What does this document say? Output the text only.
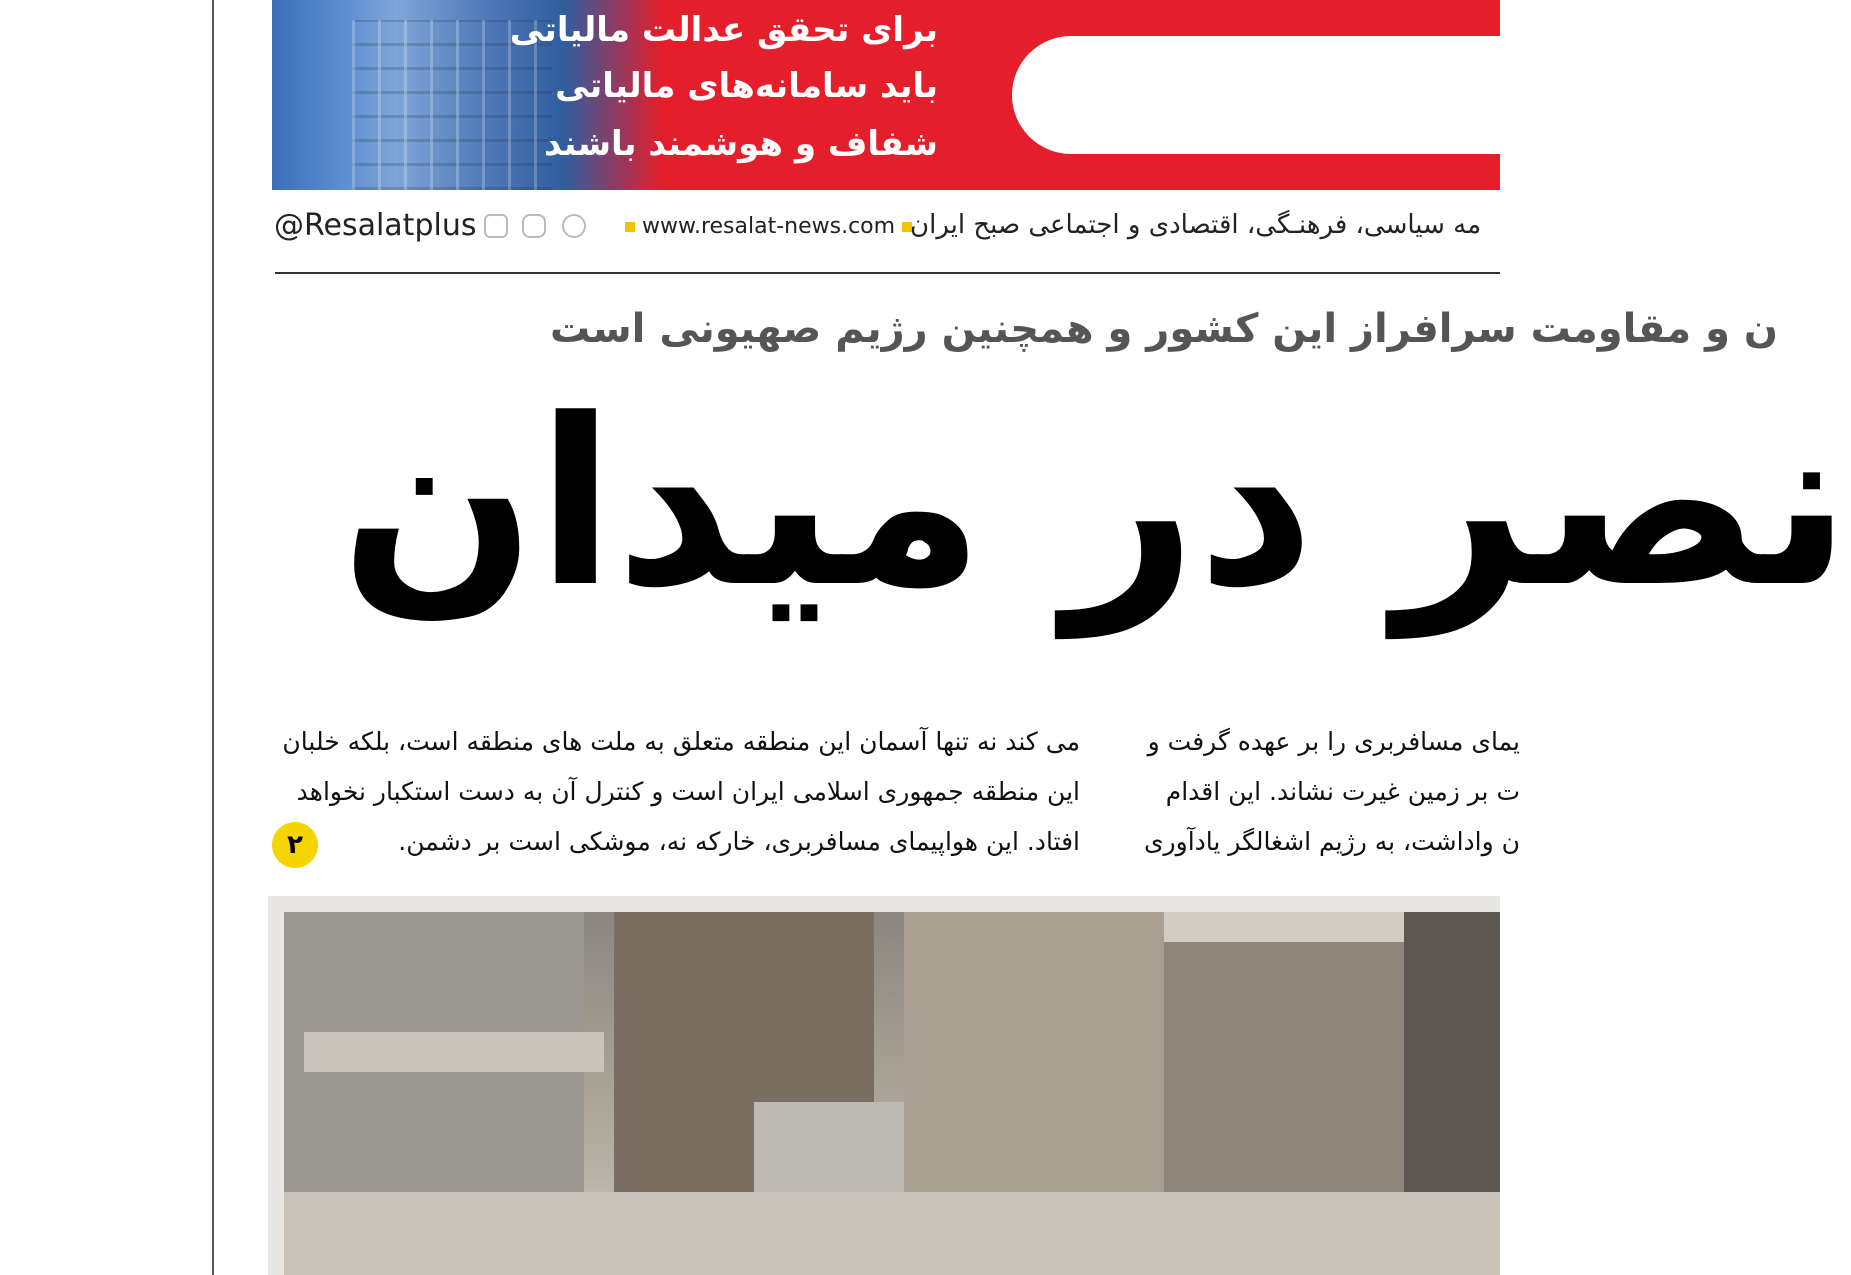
برای تحقق عدالت مالیاتی
باید سامانه‌های مالیاتی
شفاف و هوشمند باشند
@Resalatplus	www.resalat-news.com مه سیاسی، فرهنـگی، اقتصادی و اجتماعی صبح ایران
ن و مقاومت سرافراز این کشور و همچنین رژیم صهیونی است
نصر در میدان
یمای مسافربری را بر عهده گرفت و
ت بر زمین غیرت نشاند. این اقدام
ن واداشت، به رژیم اشغالگر یادآوری
می کند نه تنها آسمان این منطقه متعلق به ملت های منطقه است، بلکه خلبان
این منطقه جمهوری اسلامی ایران است و کنترل آن به دست استکبار نخواهد
افتاد. این هواپیمای مسافربری، خارکه نه، موشکی است بر دشمن.
۲
